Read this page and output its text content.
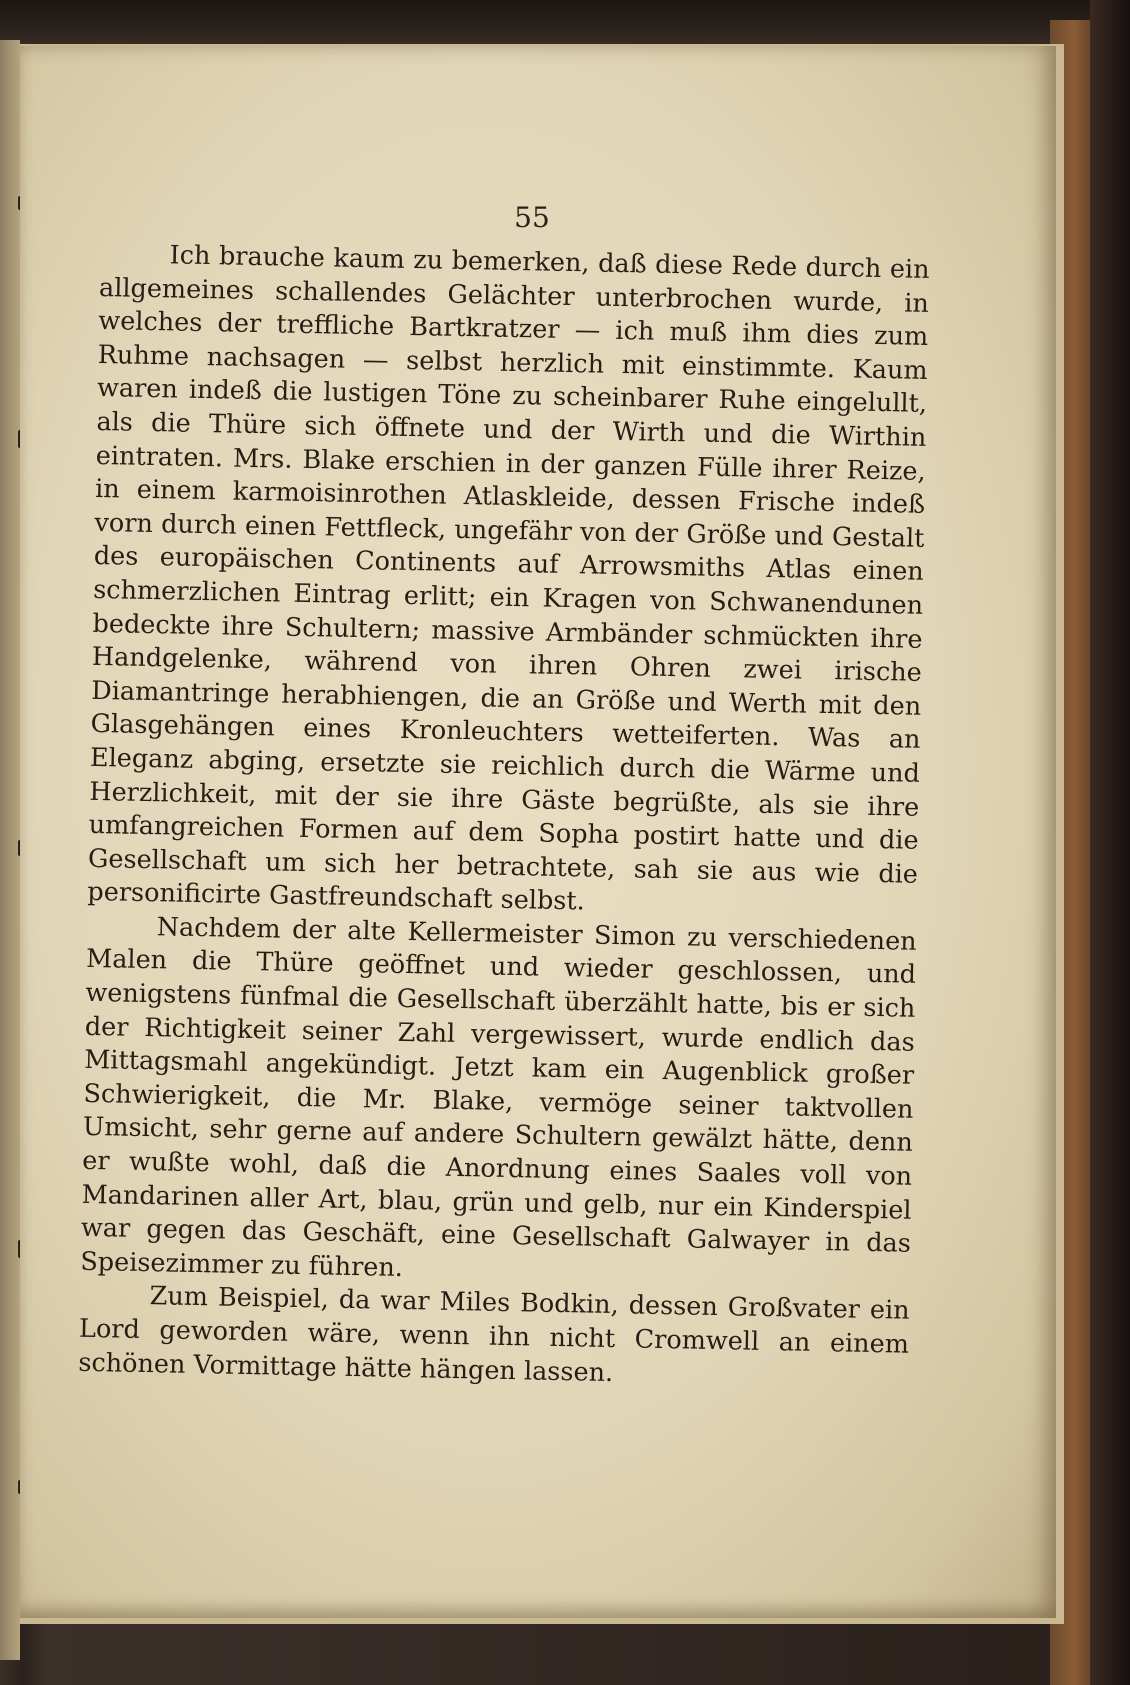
55

Ich brauche kaum zu bemerken, daß diese Rede durch ein allgemeines schallendes Gelächter unterbrochen wurde, in welches der treffliche Bartkratzer — ich muß ihm dies zum Ruhme nachsagen — selbst herzlich mit einstimmte. Kaum waren indeß die lustigen Töne zu scheinbarer Ruhe eingelullt, als die Thüre sich öffnete und der Wirth und die Wirthin eintraten. Mrs. Blake erschien in der ganzen Fülle ihrer Reize, in einem karmoisinrothen Atlaskleide, dessen Frische indeß vorn durch einen Fettfleck, ungefähr von der Größe und Gestalt des europäischen Continents auf Arrowsmiths Atlas einen schmerzlichen Eintrag erlitt; ein Kragen von Schwanendunen bedeckte ihre Schultern; massive Armbänder schmückten ihre Handgelenke, während von ihren Ohren zwei irische Diamantringe herabhiengen, die an Größe und Werth mit den Glasgehängen eines Kronleuchters wetteiferten. Was an Eleganz abging, ersetzte sie reichlich durch die Wärme und Herzlichkeit, mit der sie ihre Gäste begrüßte, als sie ihre umfangreichen Formen auf dem Sopha postirt hatte und die Gesellschaft um sich her betrachtete, sah sie aus wie die personificirte Gastfreundschaft selbst.

Nachdem der alte Kellermeister Simon zu verschiedenen Malen die Thüre geöffnet und wieder geschlossen, und wenigstens fünfmal die Gesellschaft überzählt hatte, bis er sich der Richtigkeit seiner Zahl vergewissert, wurde endlich das Mittagsmahl angekündigt. Jetzt kam ein Augenblick großer Schwierigkeit, die Mr. Blake, vermöge seiner taktvollen Umsicht, sehr gerne auf andere Schultern gewälzt hätte, denn er wußte wohl, daß die Anordnung eines Saales voll von Mandarinen aller Art, blau, grün und gelb, nur ein Kinderspiel war gegen das Geschäft, eine Gesellschaft Galwayer in das Speisezimmer zu führen.

Zum Beispiel, da war Miles Bodkin, dessen Großvater ein Lord geworden wäre, wenn ihn nicht Cromwell an einem schönen Vormittage hätte hängen lassen.
